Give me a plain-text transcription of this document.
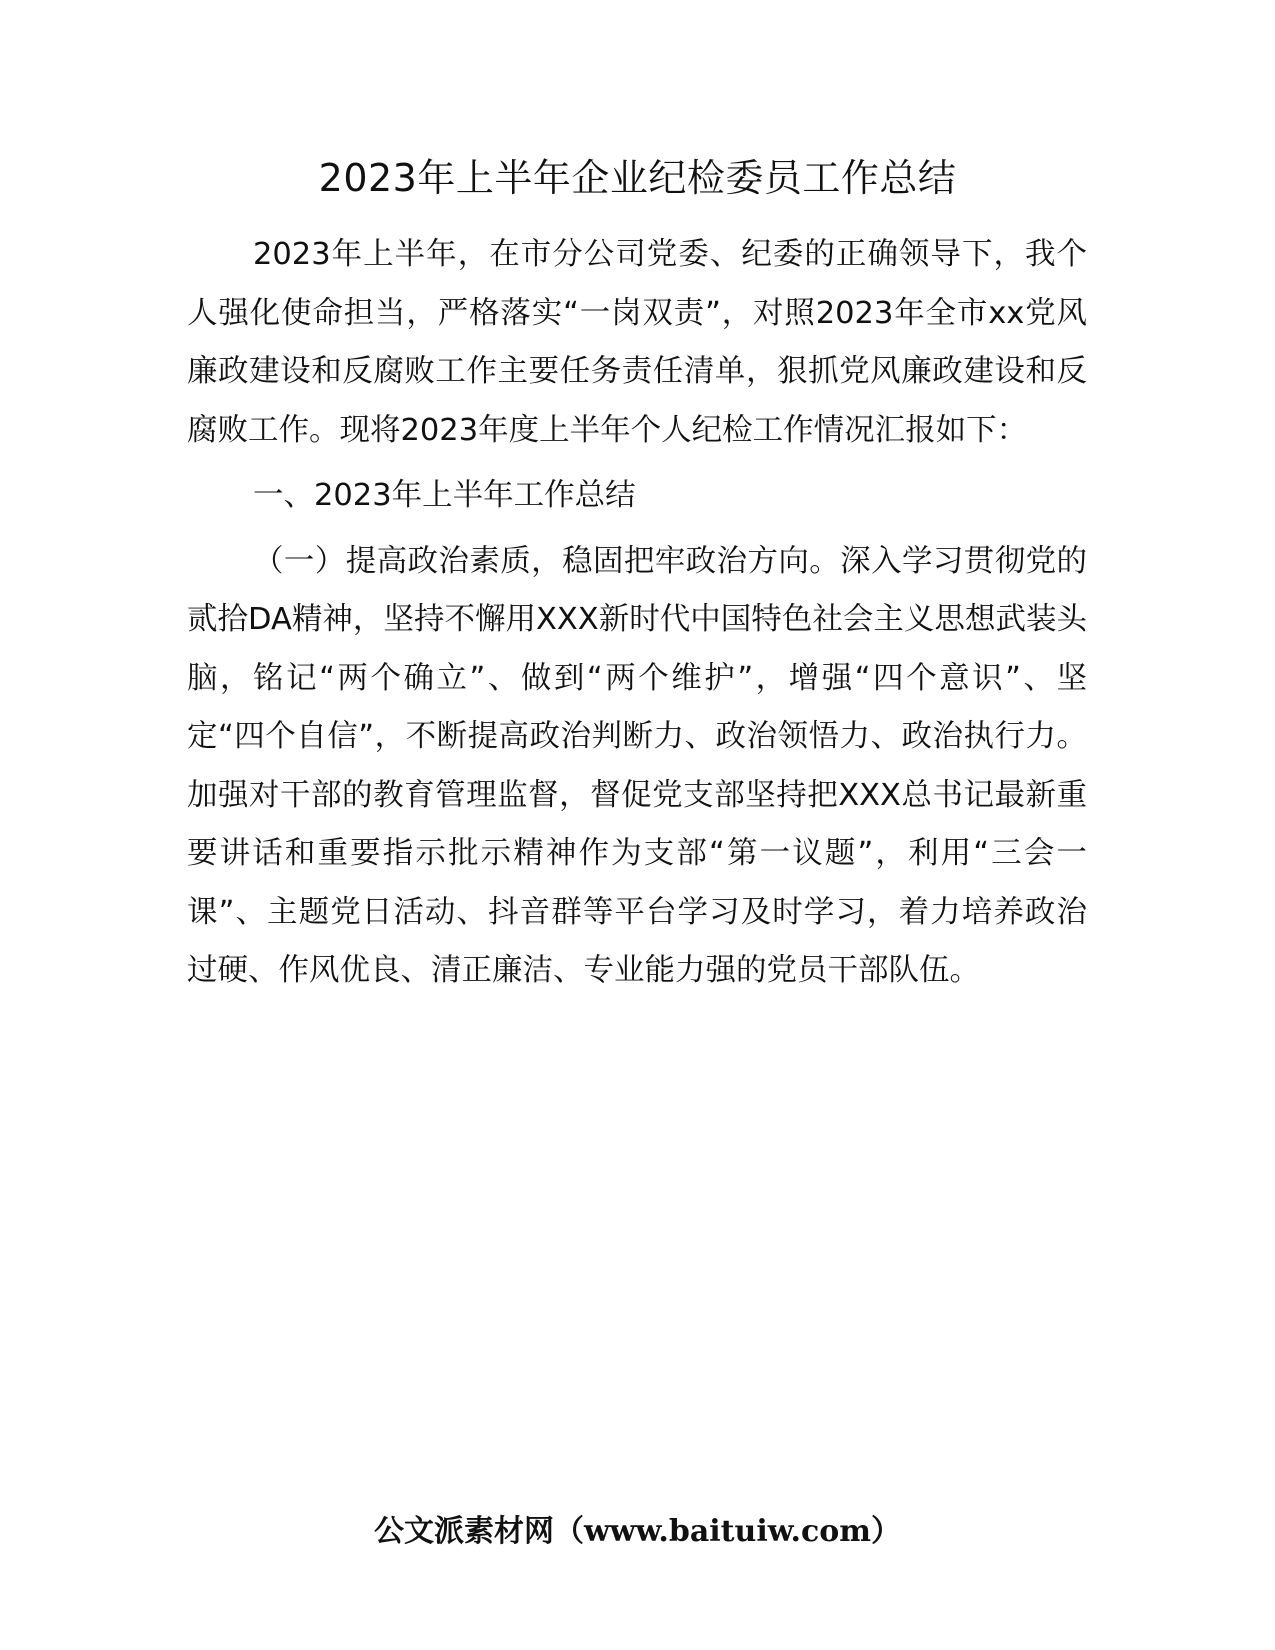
2023年上半年企业纪检委员工作总结

2023年上半年，在市分公司党委、纪委的正确领导下，我个人强化使命担当，严格落实“一岗双责”，对照2023年全市xx党风廉政建设和反腐败工作主要任务责任清单，狠抓党风廉政建设和反腐败工作。现将2023年度上半年个人纪检工作情况汇报如下：

一、2023年上半年工作总结

（一）提高政治素质，稳固把牢政治方向。深入学习贯彻党的贰拾DA精神，坚持不懈用XXX新时代中国特色社会主义思想武装头脑，铭记“两个确立”、做到“两个维护”，增强“四个意识”、坚定“四个自信”，不断提高政治判断力、政治领悟力、政治执行力。加强对干部的教育管理监督，督促党支部坚持把XXX总书记最新重要讲话和重要指示批示精神作为支部“第一议题”，利用“三会一课”、主题党日活动、抖音群等平台学习及时学习，着力培养政治过硬、作风优良、清正廉洁、专业能力强的党员干部队伍。

公文派素材网（www.baituiw.com）
